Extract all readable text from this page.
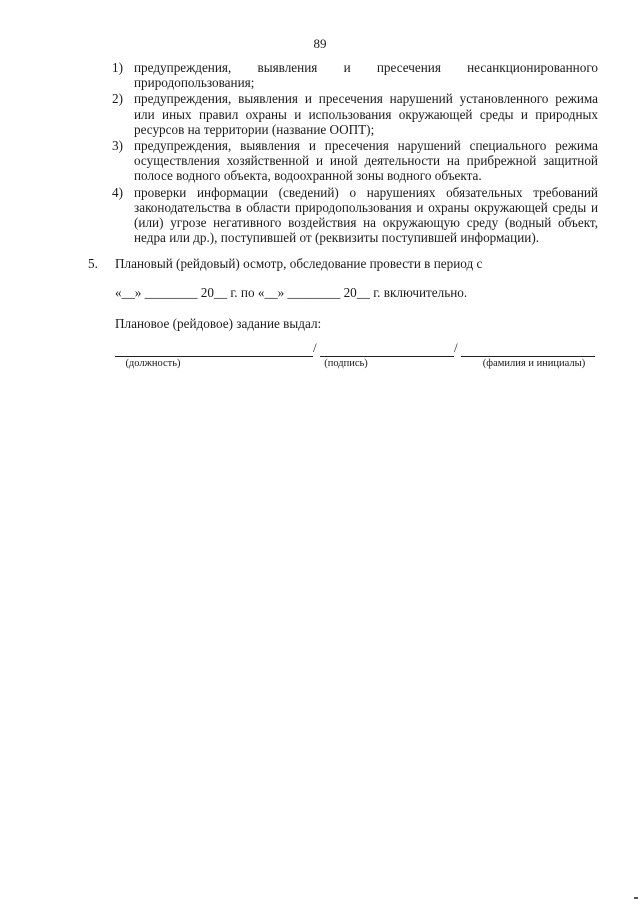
89
1) предупреждения, выявления и пресечения несанкционированного природопользования;
2) предупреждения, выявления и пресечения нарушений установленного режима или иных правил охраны и использования окружающей среды и природных ресурсов на территории (название ООПТ);
3) предупреждения, выявления и пресечения нарушений специального режима осуществления хозяйственной и иной деятельности на прибрежной защитной полосе водного объекта, водоохранной зоны водного объекта.
4) проверки информации (сведений) о нарушениях обязательных требований законодательства в области природопользования и охраны окружающей среды и (или) угрозе негативного воздействия на окружающую среду (водный объект, недра или др.), поступившей от (реквизиты поступившей информации).
5.	Плановый (рейдовый) осмотр, обследование провести в период с
«__» ________ 20__ г. по «__» ________ 20__ г. включительно.
Плановое (рейдовое) задание выдал:
/	/
(должность)	(подпись)	(фамилия и инициалы)
